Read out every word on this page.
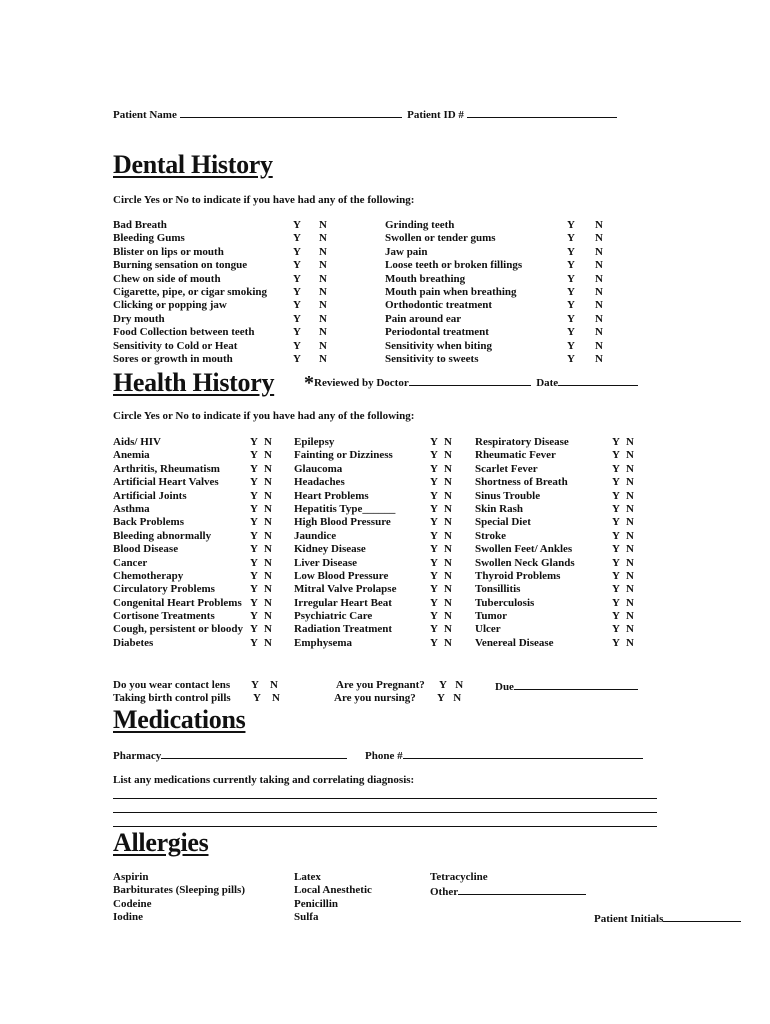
Patient Name	Patient ID #
Dental History
Circle Yes or No to indicate if you have had any of the following:
Bad Breath	Y N
Bleeding Gums	Y N
Blister on lips or mouth	Y N
Burning sensation on tongue	Y N
Chew on side of mouth	Y N
Cigarette, pipe, or cigar smoking Y N
Clicking or popping jaw	Y N
Dry mouth	Y N
Food Collection between teeth	Y N
Sensitivity to Cold or Heat	Y N
Sores or growth in mouth	Y N
Grinding teeth	Y N
Swollen or tender gums	Y N
Jaw pain	Y N
Loose teeth or broken fillings	Y N
Mouth breathing	Y N
Mouth pain when breathing	Y N
Orthodontic treatment	Y N
Pain around ear	Y N
Periodontal treatment	Y N
Sensitivity when biting	Y N
Sensitivity to sweets	Y N
Health History *Reviewed by Doctor	Date
Circle Yes or No to indicate if you have had any of the following:
Aids/ HIV	Y N
Anemia	Y N
Arthritis, Rheumatism	Y N
Artificial Heart Valves	Y N
Artificial Joints	Y N
Asthma	Y N
Back Problems	Y N
Bleeding abnormally	Y N
Blood Disease	Y N
Cancer	Y N
Chemotherapy	Y N
Circulatory Problems	Y N
Congenital Heart Problems Y N
Cortisone Treatments	Y N
Cough, persistent or bloody Y N
Diabetes	Y N
Epilepsy	Y N
Fainting or Dizziness	Y N
Glaucoma	Y N
Headaches	Y N
Heart Problems	Y N
Hepatitis Type______	Y N
High Blood Pressure	Y N
Jaundice	Y N
Kidney Disease	Y N
Liver Disease	Y N
Low Blood Pressure	Y N
Mitral Valve Prolapse	Y N
Irregular Heart Beat	Y N
Psychiatric Care	Y N
Radiation Treatment	Y N
Emphysema	Y N
Respiratory Disease	Y N
Rheumatic Fever	Y N
Scarlet Fever	Y N
Shortness of Breath	Y N
Sinus Trouble	Y N
Skin Rash	Y N
Special Diet	Y N
Stroke	Y N
Swollen Feet/ Ankles	Y N
Swollen Neck Glands	Y N
Thyroid Problems	Y N
Tonsillitis	Y N
Tuberculosis	Y N
Tumor	Y N
Ulcer	Y N
Venereal Disease	Y N
Do you wear contact lens Y N
Taking birth control pills Y N
Are you Pregnant? Y N
Are you nursing? Y N
Due
Medications
Pharmacy	Phone #
List any medications currently taking and correlating diagnosis:
Allergies
Aspirin
Barbiturates (Sleeping pills)
Codeine
Iodine
Latex
Local Anesthetic
Penicillin
Sulfa
Tetracycline
Other
Patient Initials
